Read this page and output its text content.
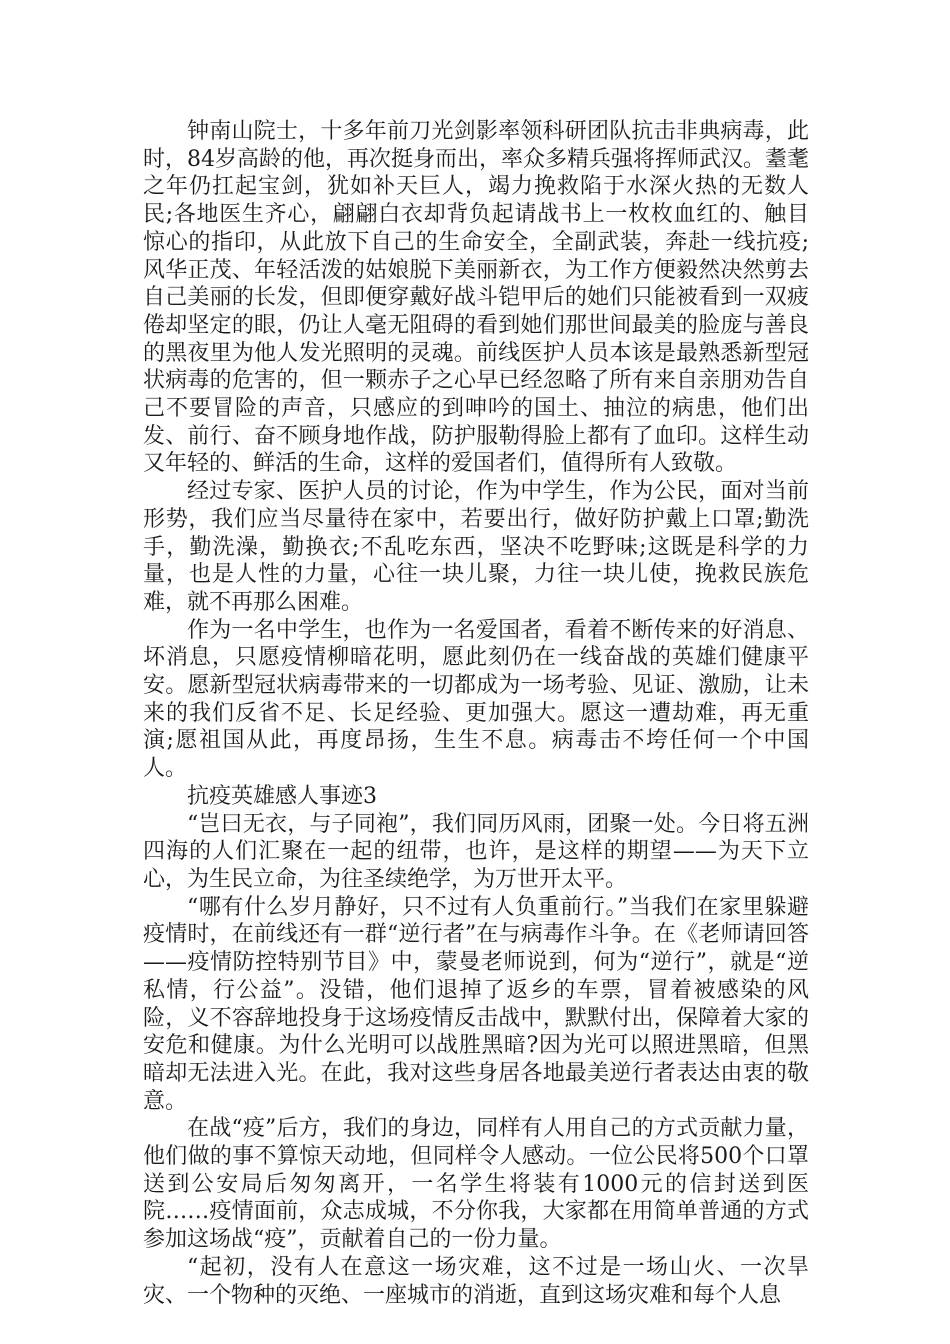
钟南山院士，十多年前刀光剑影率领科研团队抗击非典病毒，此时，84岁高龄的他，再次挺身而出，率众多精兵强将挥师武汉。耋耄之年仍扛起宝剑，犹如补天巨人，竭力挽救陷于水深火热的无数人民;各地医生齐心，翩翩白衣却背负起请战书上一枚枚血红的、触目惊心的指印，从此放下自己的生命安全，全副武装，奔赴一线抗疫;风华正茂、年轻活泼的姑娘脱下美丽新衣，为工作方便毅然决然剪去自己美丽的长发，但即便穿戴好战斗铠甲后的她们只能被看到一双疲倦却坚定的眼，仍让人毫无阻碍的看到她们那世间最美的脸庞与善良的黑夜里为他人发光照明的灵魂。前线医护人员本该是最熟悉新型冠状病毒的危害的，但一颗赤子之心早已经忽略了所有来自亲朋劝告自己不要冒险的声音，只感应的到呻吟的国土、抽泣的病患，他们出发、前行、奋不顾身地作战，防护服勒得脸上都有了血印。这样生动又年轻的、鲜活的生命，这样的爱国者们，值得所有人致敬。

经过专家、医护人员的讨论，作为中学生，作为公民，面对当前形势，我们应当尽量待在家中，若要出行，做好防护戴上口罩;勤洗手，勤洗澡，勤换衣;不乱吃东西，坚决不吃野味;这既是科学的力量，也是人性的力量，心往一块儿聚，力往一块儿使，挽救民族危难，就不再那么困难。

作为一名中学生，也作为一名爱国者，看着不断传来的好消息、坏消息，只愿疫情柳暗花明，愿此刻仍在一线奋战的英雄们健康平安。愿新型冠状病毒带来的一切都成为一场考验、见证、激励，让未来的我们反省不足、长足经验、更加强大。愿这一遭劫难，再无重演;愿祖国从此，再度昂扬，生生不息。病毒击不垮任何一个中国人。

抗疫英雄感人事迹3

“岂曰无衣，与子同袍”，我们同历风雨，团聚一处。今日将五洲四海的人们汇聚在一起的纽带，也许，是这样的期望——为天下立心，为生民立命，为往圣续绝学，为万世开太平。

“哪有什么岁月静好，只不过有人负重前行。”当我们在家里躲避疫情时，在前线还有一群“逆行者”在与病毒作斗争。在《老师请回答——疫情防控特别节目》中，蒙曼老师说到，何为“逆行”，就是“逆私情，行公益”。没错，他们退掉了返乡的车票，冒着被感染的风险，义不容辞地投身于这场疫情反击战中，默默付出，保障着大家的安危和健康。为什么光明可以战胜黑暗?因为光可以照进黑暗，但黑暗却无法进入光。在此，我对这些身居各地最美逆行者表达由衷的敬意。

在战“疫”后方，我们的身边，同样有人用自己的方式贡献力量，他们做的事不算惊天动地，但同样令人感动。一位公民将500个口罩送到公安局后匆匆离开，一名学生将装有1000元的信封送到医院……疫情面前，众志成城，不分你我，大家都在用简单普通的方式参加这场战“疫”，贡献着自己的一份力量。

“起初，没有人在意这一场灾难，这不过是一场山火、一次旱灾、一个物种的灭绝、一座城市的消逝，直到这场灾难和每个人息
